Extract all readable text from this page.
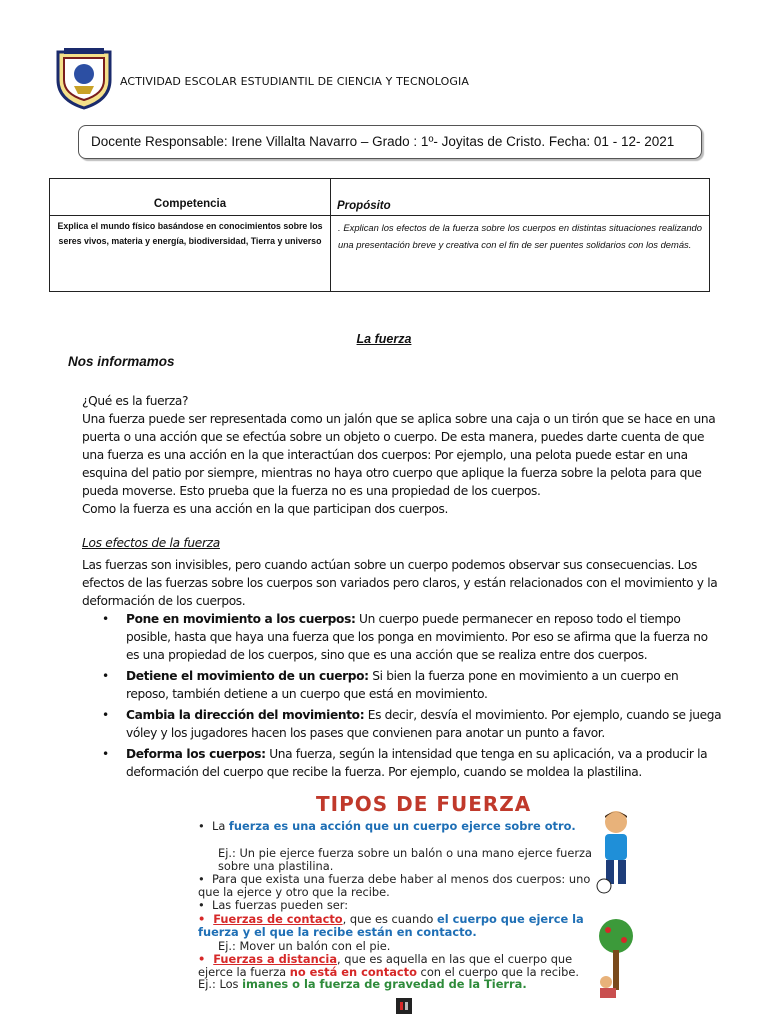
ACTIVIDAD ESCOLAR ESTUDIANTIL DE CIENCIA Y TECNOLOGIA
Docente Responsable: Irene Villalta Navarro – Grado : 1º- Joyitas de Cristo. Fecha: 01 - 12- 2021
Competencia	Propósito

Explica el mundo físico basándose en conocimientos sobre los seres vivos, materia y energía, biodiversidad, Tierra y universo	. Explican los efectos de la fuerza sobre los cuerpos en distintas situaciones realizando una presentación breve y creativa con el fin de ser puentes solidarios con los demás.
La fuerza
Nos informamos
¿Qué es la fuerza?
Una fuerza puede ser representada como un jalón que se aplica sobre una caja o un tirón que se hace en una puerta o una acción que se efectúa sobre un objeto o cuerpo. De esta manera, puedes darte cuenta de que una fuerza es una acción en la que interactúan dos cuerpos: Por ejemplo, una pelota puede estar en una esquina del patio por siempre, mientras no haya otro cuerpo que aplique la fuerza sobre la pelota para que pueda moverse. Esto prueba que la fuerza no es una propiedad de los cuerpos.
Como la fuerza es una acción en la que participan dos cuerpos.
Los efectos de la fuerza
Las fuerzas son invisibles, pero cuando actúan sobre un cuerpo podemos observar sus consecuencias. Los efectos de las fuerzas sobre los cuerpos son variados pero claros, y están relacionados con el movimiento y la deformación de los cuerpos.
• Pone en movimiento a los cuerpos: Un cuerpo puede permanecer en reposo todo el tiempo posible, hasta que haya una fuerza que los ponga en movimiento. Por eso se afirma que la fuerza no es una propiedad de los cuerpos, sino que es una acción que se realiza entre dos cuerpos.
• Detiene el movimiento de un cuerpo: Si bien la fuerza pone en movimiento a un cuerpo en reposo, también detiene a un cuerpo que está en movimiento.
• Cambia la dirección del movimiento: Es decir, desvía el movimiento. Por ejemplo, cuando se juega vóley y los jugadores hacen los pases que convienen para anotar un punto a favor.
• Deforma los cuerpos: Una fuerza, según la intensidad que tenga en su aplicación, va a producir la deformación del cuerpo que recibe la fuerza. Por ejemplo, cuando se moldea la plastilina.
TIPOS DE FUERZA
•  La fuerza es una acción que un cuerpo ejerce sobre otro.
Ej.: Un pie ejerce fuerza sobre un balón o una mano ejerce fuerza sobre una plastilina.
•  Para que exista una fuerza debe haber al menos dos cuerpos: uno que la ejerce y otro que la recibe.
•  Las fuerzas pueden ser:
•  Fuerzas de contacto, que es cuando el cuerpo que ejerce la fuerza y el que la recibe están en contacto.
Ej.: Mover un balón con el pie.
•  Fuerzas a distancia, que es aquella en las que el cuerpo que ejerce la fuerza no está en contacto con el cuerpo que la recibe. Ej.: Los imanes o la fuerza de gravedad de la Tierra.
